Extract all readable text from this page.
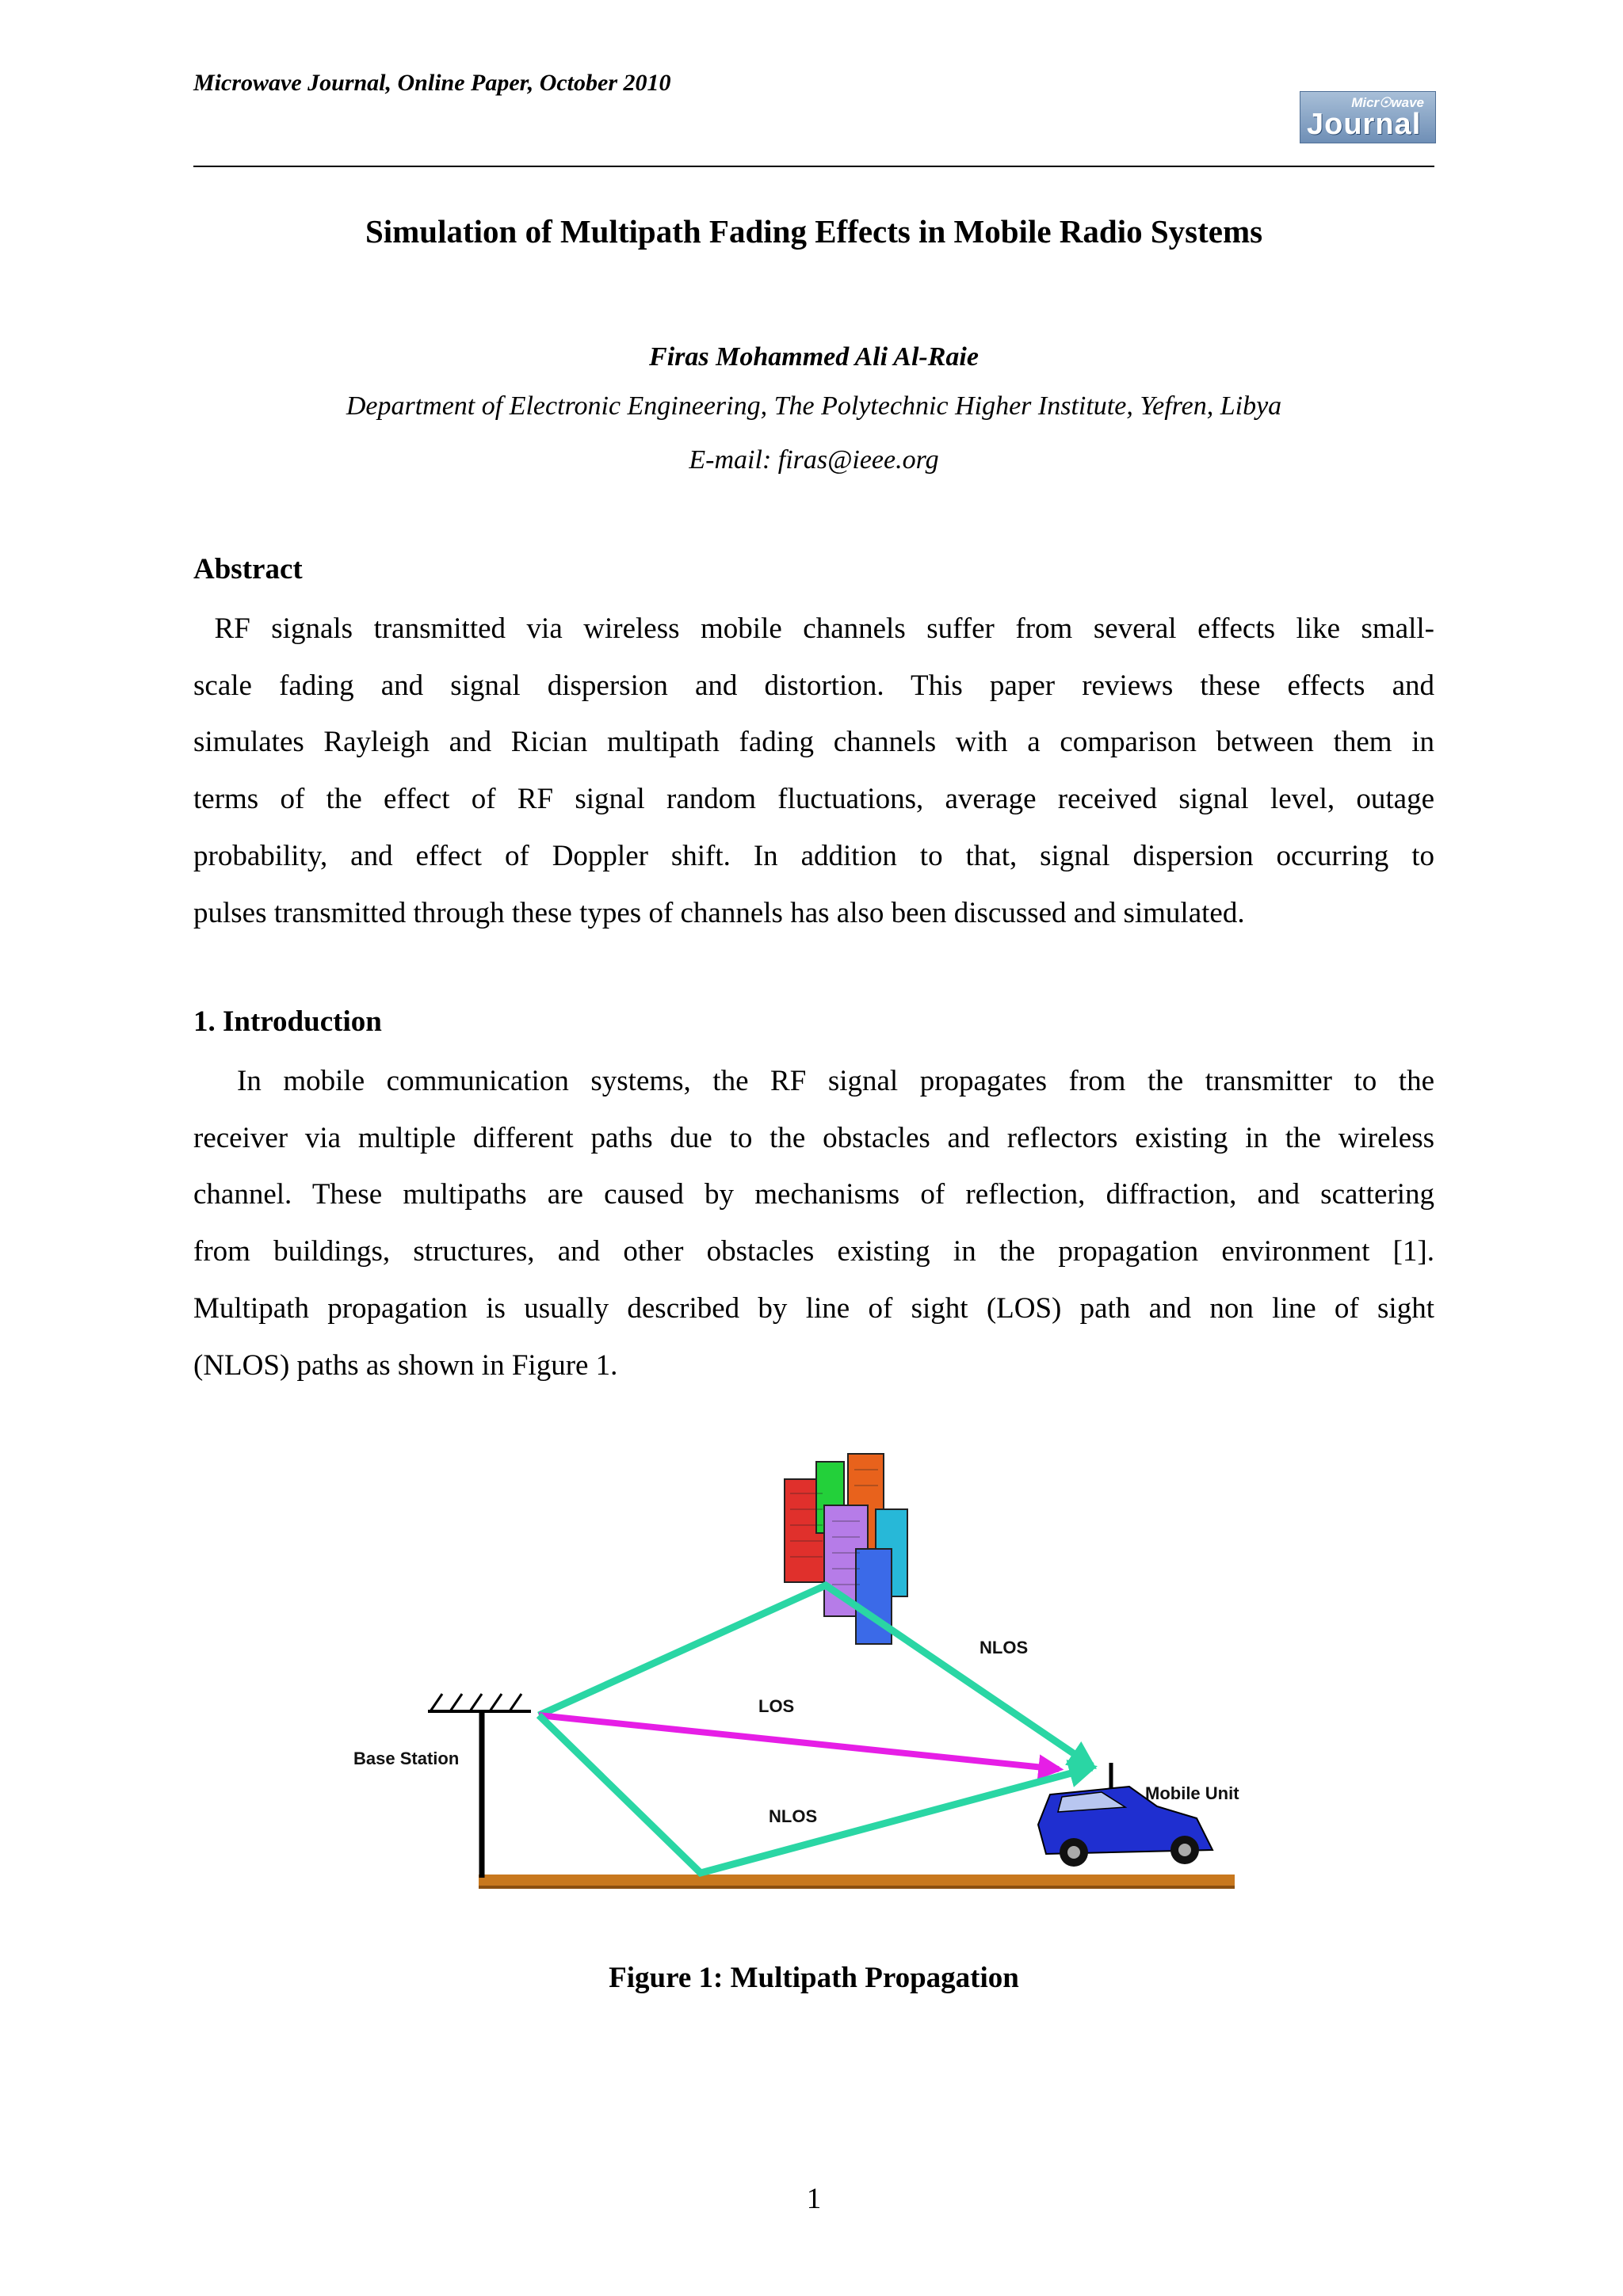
Microwave Journal, Online Paper, October 2010
Micr☉wave
Journal
Simulation of Multipath Fading Effects in Mobile Radio Systems
Firas Mohammed Ali Al-Raie
Department of Electronic Engineering, The Polytechnic Higher Institute, Yefren, Libya
E-mail: firas@ieee.org
Abstract
RF signals transmitted via wireless mobile channels suffer from several effects like small-
scale fading and signal dispersion and distortion. This paper reviews these effects and
simulates Rayleigh and Rician multipath fading channels with a comparison between them in
terms of the effect of RF signal random fluctuations, average received signal level, outage
probability, and effect of Doppler shift. In addition to that, signal dispersion occurring to
pulses transmitted through these types of channels has also been discussed and simulated.
1. Introduction
In mobile communication systems, the RF signal propagates from the transmitter to the
receiver via multiple different paths due to the obstacles and reflectors existing in the wireless
channel. These multipaths are caused by mechanisms of reflection, diffraction, and scattering
from buildings, structures, and other obstacles existing in the propagation environment [1].
Multipath propagation is usually described by line of sight (LOS) path and non line of sight
(NLOS) paths as shown in Figure 1.
NLOS
LOS
NLOS
Base Station
Mobile Unit
Figure 1: Multipath Propagation
1
